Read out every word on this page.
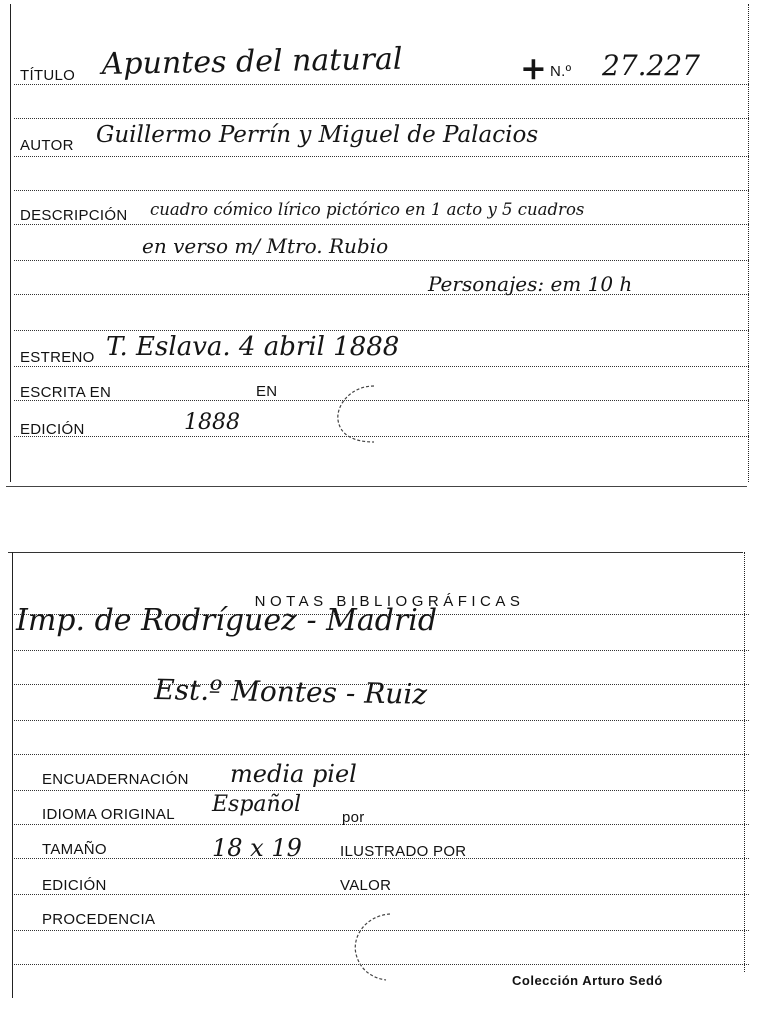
TÍTULO Apuntes del natural	+ N.º 27.227
AUTOR Guillermo Perrín y Miguel de Palacios
DESCRIPCIÓN cuadro cómico lírico pictórico en 1 acto y 5 cuadros
en verso m/ Mtro. Rubio
Personajes: em 10 h
ESTRENO T. Eslava. 4 abril 1888
ESCRITA EN	EN
EDICIÓN	1888
NOTAS BIBLIOGRÁFICAS
Imp. de Rodríguez - Madrid
Est.º Montes - Ruiz
ENCUADERNACIÓN media piel
IDIOMA ORIGINAL Español
por
TAMAÑO	18 x 19	ILUSTRADO POR
EDICIÓN	VALOR
PROCEDENCIA
Colección Arturo Sedó
